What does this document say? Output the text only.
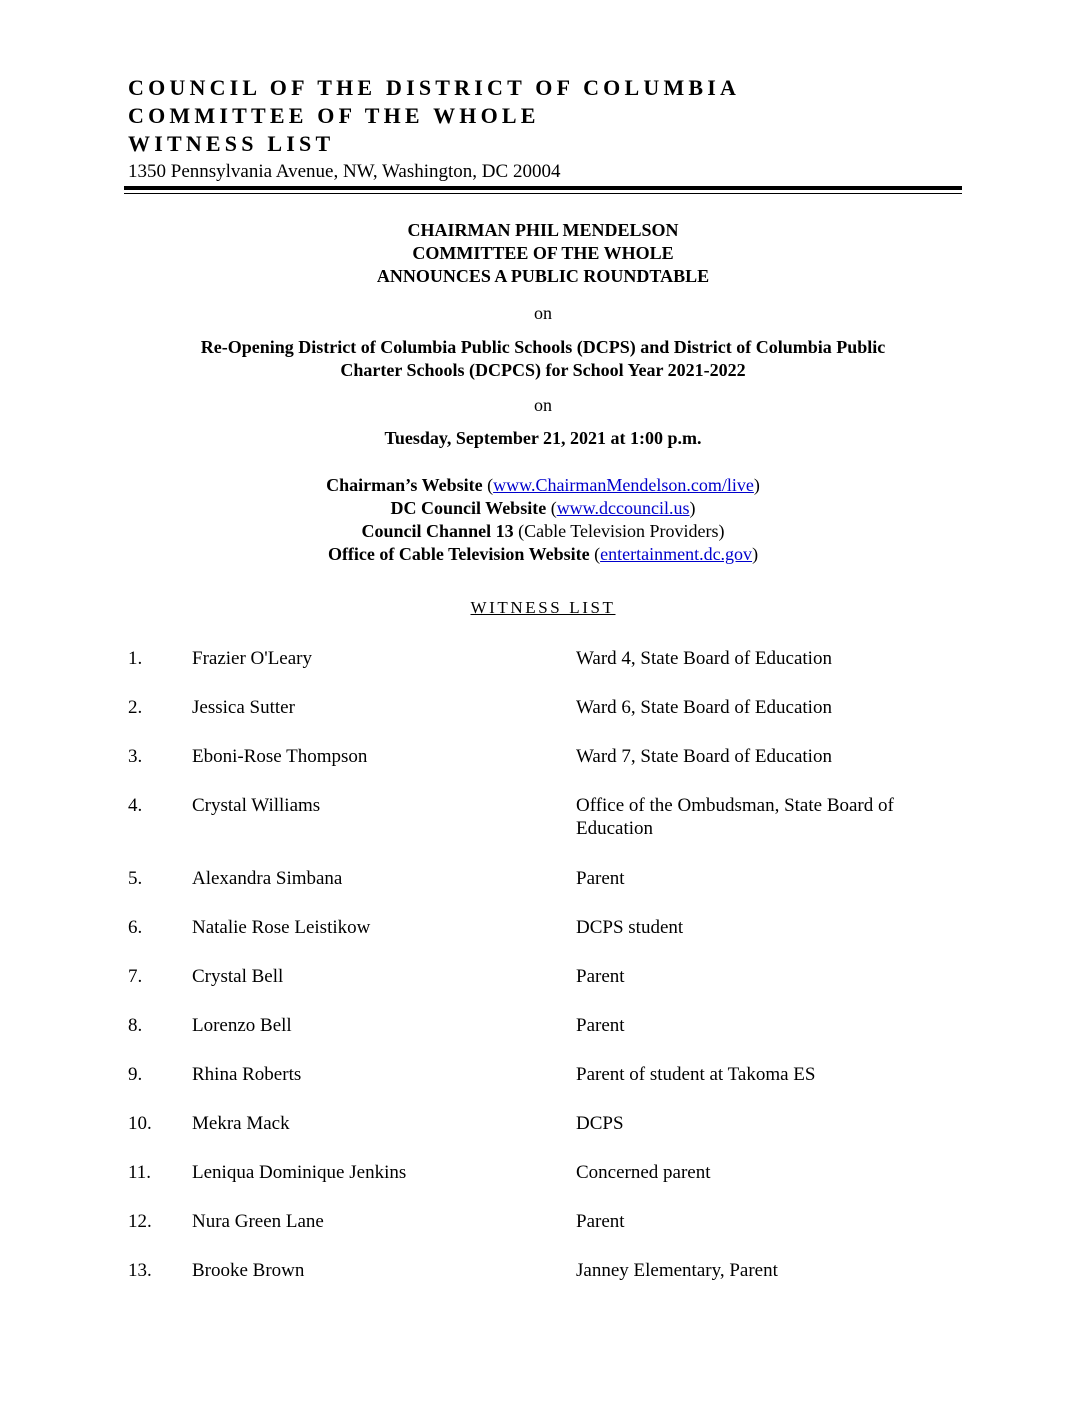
COUNCIL OF THE DISTRICT OF COLUMBIA
COMMITTEE OF THE WHOLE
WITNESS LIST
1350 Pennsylvania Avenue, NW, Washington, DC 20004
CHAIRMAN PHIL MENDELSON
COMMITTEE OF THE WHOLE
ANNOUNCES A PUBLIC ROUNDTABLE
on
Re-Opening District of Columbia Public Schools (DCPS) and District of Columbia Public
Charter Schools (DCPCS) for School Year 2021-2022
on
Tuesday, September 21, 2021 at 1:00 p.m.
Chairman’s Website (www.ChairmanMendelson.com/live)
DC Council Website (www.dccouncil.us)
Council Channel 13 (Cable Television Providers)
Office of Cable Television Website (entertainment.dc.gov)
WITNESS LIST
1.	Frazier O'Leary	Ward 4, State Board of Education
2.	Jessica Sutter	Ward 6, State Board of Education
3.	Eboni-Rose Thompson	Ward 7, State Board of Education
4.	Crystal Williams	Office of the Ombudsman, State Board of Education
5.	Alexandra Simbana	Parent
6.	Natalie Rose Leistikow	DCPS student
7.	Crystal Bell	Parent
8.	Lorenzo Bell	Parent
9.	Rhina Roberts	Parent of student at Takoma ES
10. Mekra Mack	DCPS
11. Leniqua Dominique Jenkins	Concerned parent
12. Nura Green Lane	Parent
13. Brooke Brown	Janney Elementary, Parent
